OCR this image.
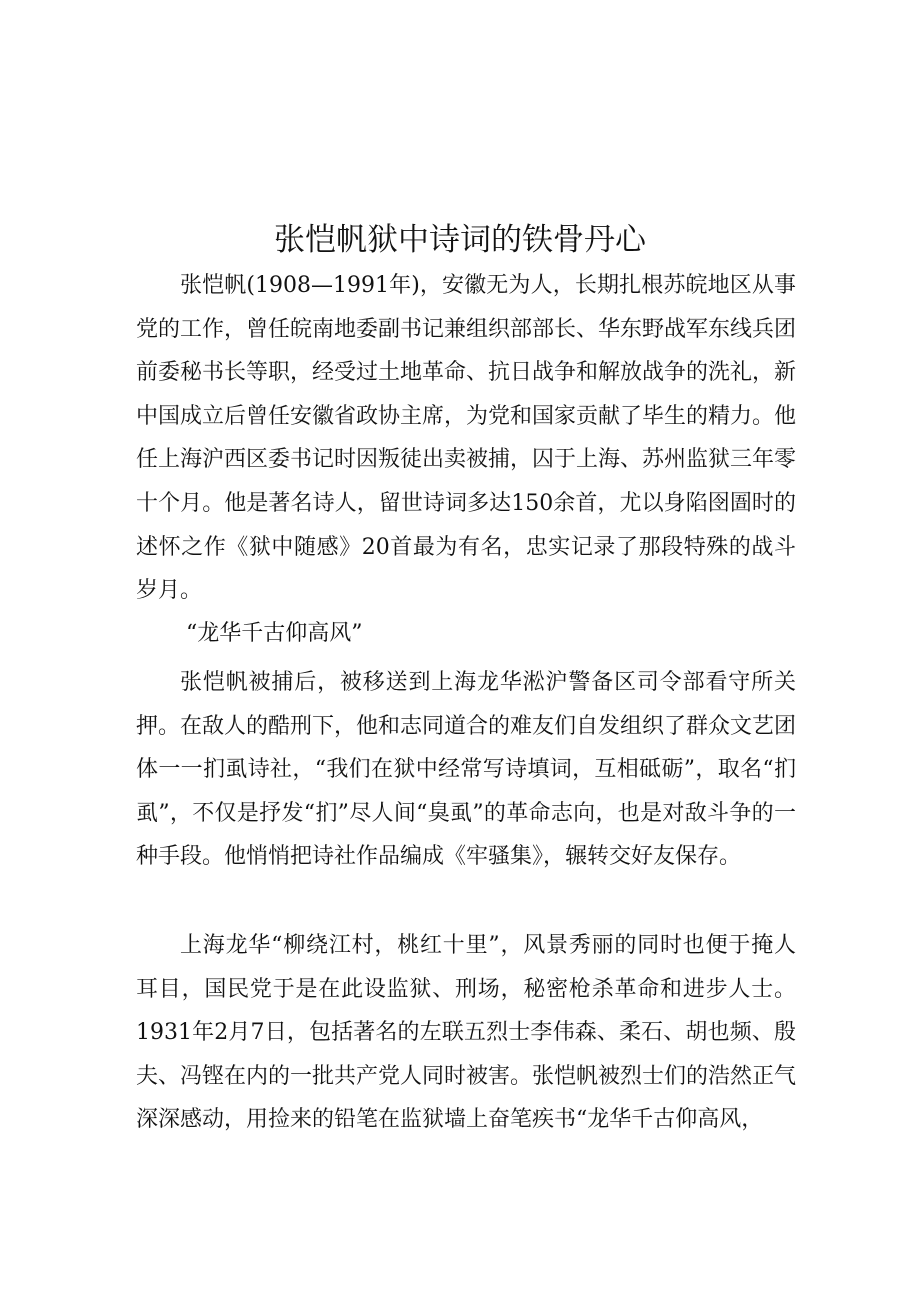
张恺帆狱中诗词的铁骨丹心

张恺帆(1908—1991年)，安徽无为人，长期扎根苏皖地区从事党的工作，曾任皖南地委副书记兼组织部部长、华东野战军东线兵团前委秘书长等职，经受过土地革命、抗日战争和解放战争的洗礼，新中国成立后曾任安徽省政协主席，为党和国家贡献了毕生的精力。他任上海沪西区委书记时因叛徒出卖被捕，囚于上海、苏州监狱三年零十个月。他是著名诗人，留世诗词多达150余首，尤以身陷囹圄时的述怀之作《狱中随感》20首最为有名，忠实记录了那段特殊的战斗岁月。

“龙华千古仰高风”

张恺帆被捕后，被移送到上海龙华淞沪警备区司令部看守所关押。在敌人的酷刑下，他和志同道合的难友们自发组织了群众文艺团体一一扪虱诗社，“我们在狱中经常写诗填词，互相砥砺”，取名“扪虱”，不仅是抒发“扪”尽人间“臭虱”的革命志向，也是对敌斗争的一种手段。他悄悄把诗社作品编成《牢骚集》，辗转交好友保存。

上海龙华“柳绕江村，桃红十里”，风景秀丽的同时也便于掩人耳目，国民党于是在此设监狱、刑场，秘密枪杀革命和进步人士。1931年2月7日，包括著名的左联五烈士李伟森、柔石、胡也频、殷夫、冯铿在内的一批共产党人同时被害。张恺帆被烈士们的浩然正气深深感动，用捡来的铅笔在监狱墙上奋笔疾书“龙华千古仰高风，
